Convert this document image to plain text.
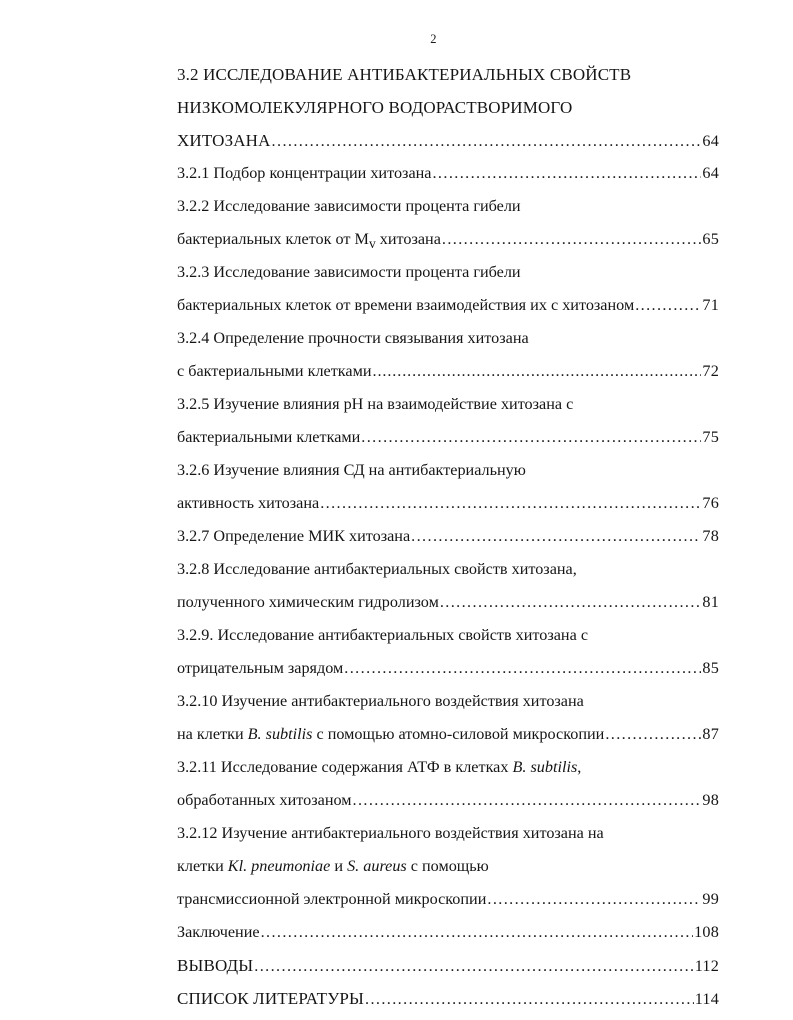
2
3.2 ИССЛЕДОВАНИЕ АНТИБАКТЕРИАЛЬНЫХ СВОЙСТВ
НИЗКОМОЛЕКУЛЯРНОГО ВОДОРАСТВОРИМОГО
ХИТОЗАНА .....	64
3.2.1 Подбор концентрации хитозана .....	64
3.2.2 Исследование зависимости процента гибели
бактериальных клеток от $M_v$ хитозана .....	65
3.2.3 Исследование зависимости процента гибели
бактериальных клеток от времени взаимодействия их с хитозаном .....	71
3.2.4 Определение прочности связывания хитозана
с бактериальными клетками .....	72
3.2.5 Изучение влияния pH на взаимодействие хитозана с
бактериальными клетками .....	75
3.2.6 Изучение влияния СД на антибактериальную
активность хитозана .....	76
3.2.7 Определение МИК хитозана .....	78
3.2.8 Исследование антибактериальных свойств хитозана,
полученного химическим гидролизом .....	81
3.2.9. Исследование антибактериальных свойств хитозана с
отрицательным зарядом .....	85
3.2.10 Изучение антибактериального воздействия хитозана
на клетки B. subtilis с помощью атомно-силовой микроскопии .....	87
3.2.11 Исследование содержания АТФ в клетках B. subtilis,
обработанных хитозаном .....	98
3.2.12 Изучение антибактериального воздействия хитозана на
клетки Kl. pneumoniae и S. aureus с помощью
трансмиссионной электронной микроскопии .....	99
Заключение .....	108
ВЫВОДЫ .....	112
СПИСОК ЛИТЕРАТУРЫ .....	114
